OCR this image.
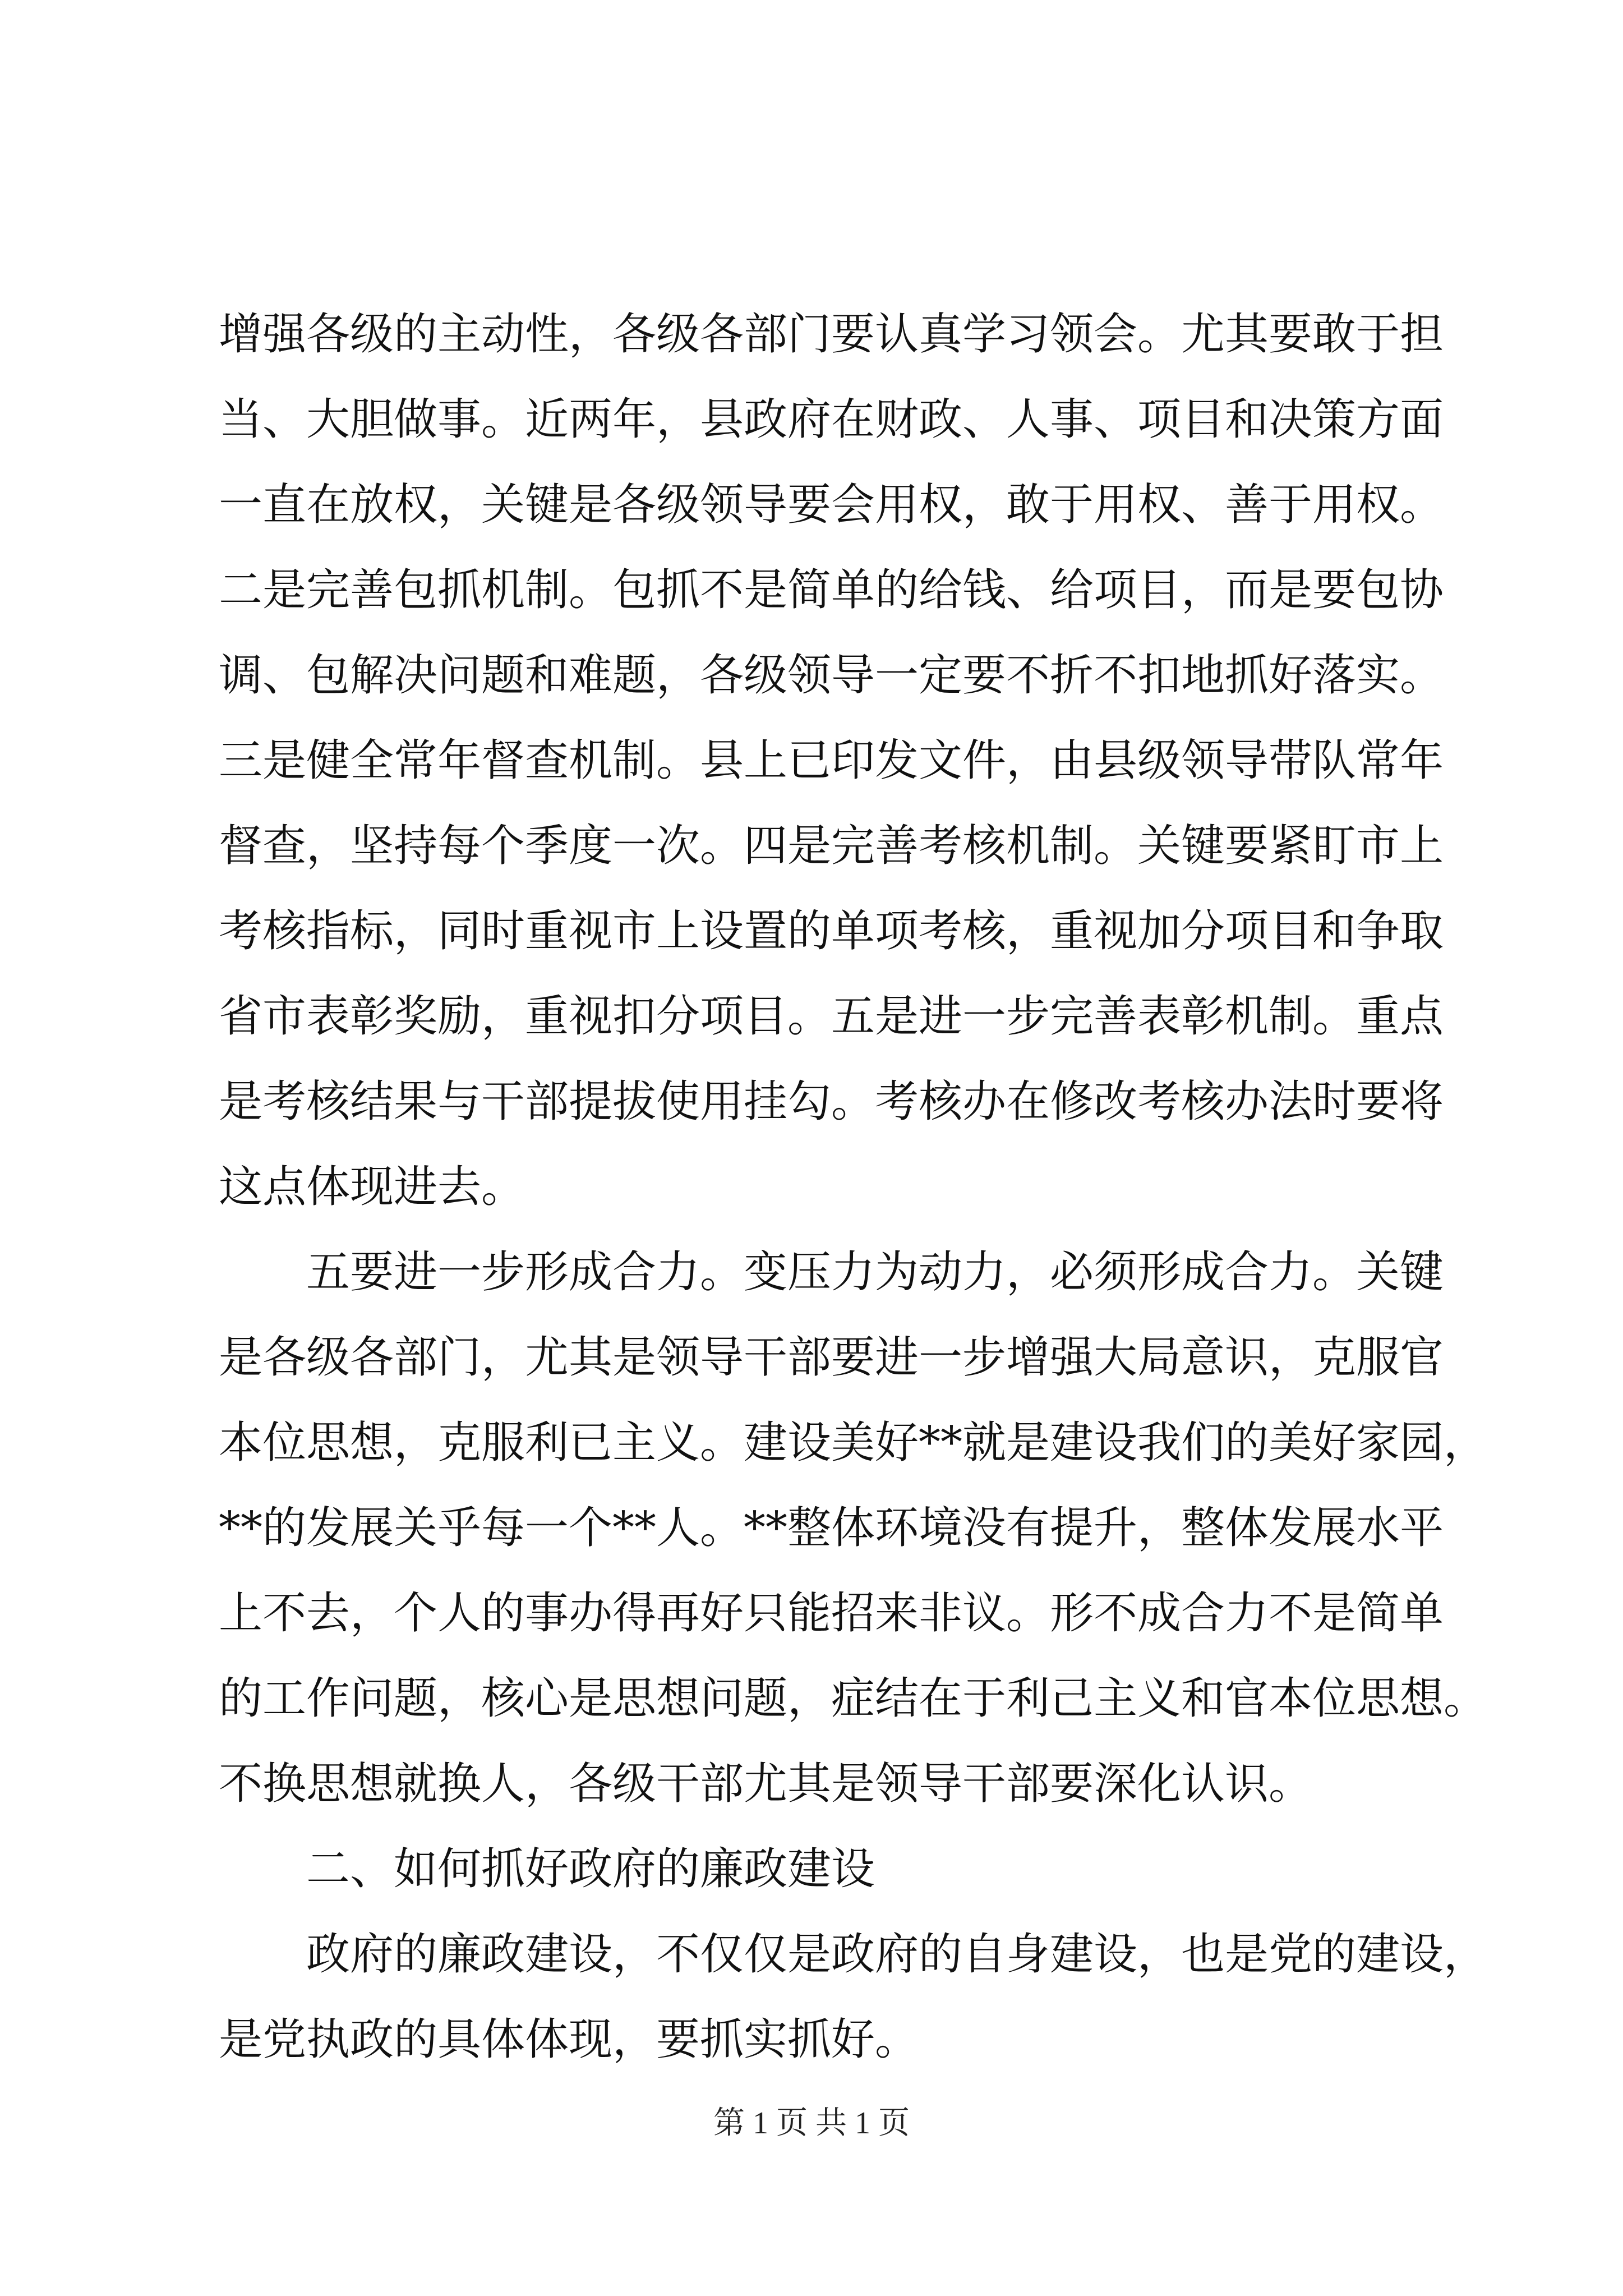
增强各级的主动性，各级各部门要认真学习领会。尤其要敢于担
当、大胆做事。近两年，县政府在财政、人事、项目和决策方面
一直在放权，关键是各级领导要会用权，敢于用权、善于用权。
二是完善包抓机制。包抓不是简单的给钱、给项目，而是要包协
调、包解决问题和难题，各级领导一定要不折不扣地抓好落实。
三是健全常年督查机制。县上已印发文件，由县级领导带队常年
督查，坚持每个季度一次。四是完善考核机制。关键要紧盯市上
考核指标，同时重视市上设置的单项考核，重视加分项目和争取
省市表彰奖励，重视扣分项目。五是进一步完善表彰机制。重点
是考核结果与干部提拔使用挂勾。考核办在修改考核办法时要将
这点体现进去。
五要进一步形成合力。变压力为动力，必须形成合力。关键
是各级各部门，尤其是领导干部要进一步增强大局意识，克服官
本位思想，克服利已主义。建设美好**就是建设我们的美好家园，
**的发展关乎每一个**人。**整体环境没有提升，整体发展水平
上不去，个人的事办得再好只能招来非议。形不成合力不是简单
的工作问题，核心是思想问题，症结在于利己主义和官本位思想。
不换思想就换人，各级干部尤其是领导干部要深化认识。
二、如何抓好政府的廉政建设
政府的廉政建设，不仅仅是政府的自身建设，也是党的建设，
是党执政的具体体现，要抓实抓好。
第 1 页 共 1 页
